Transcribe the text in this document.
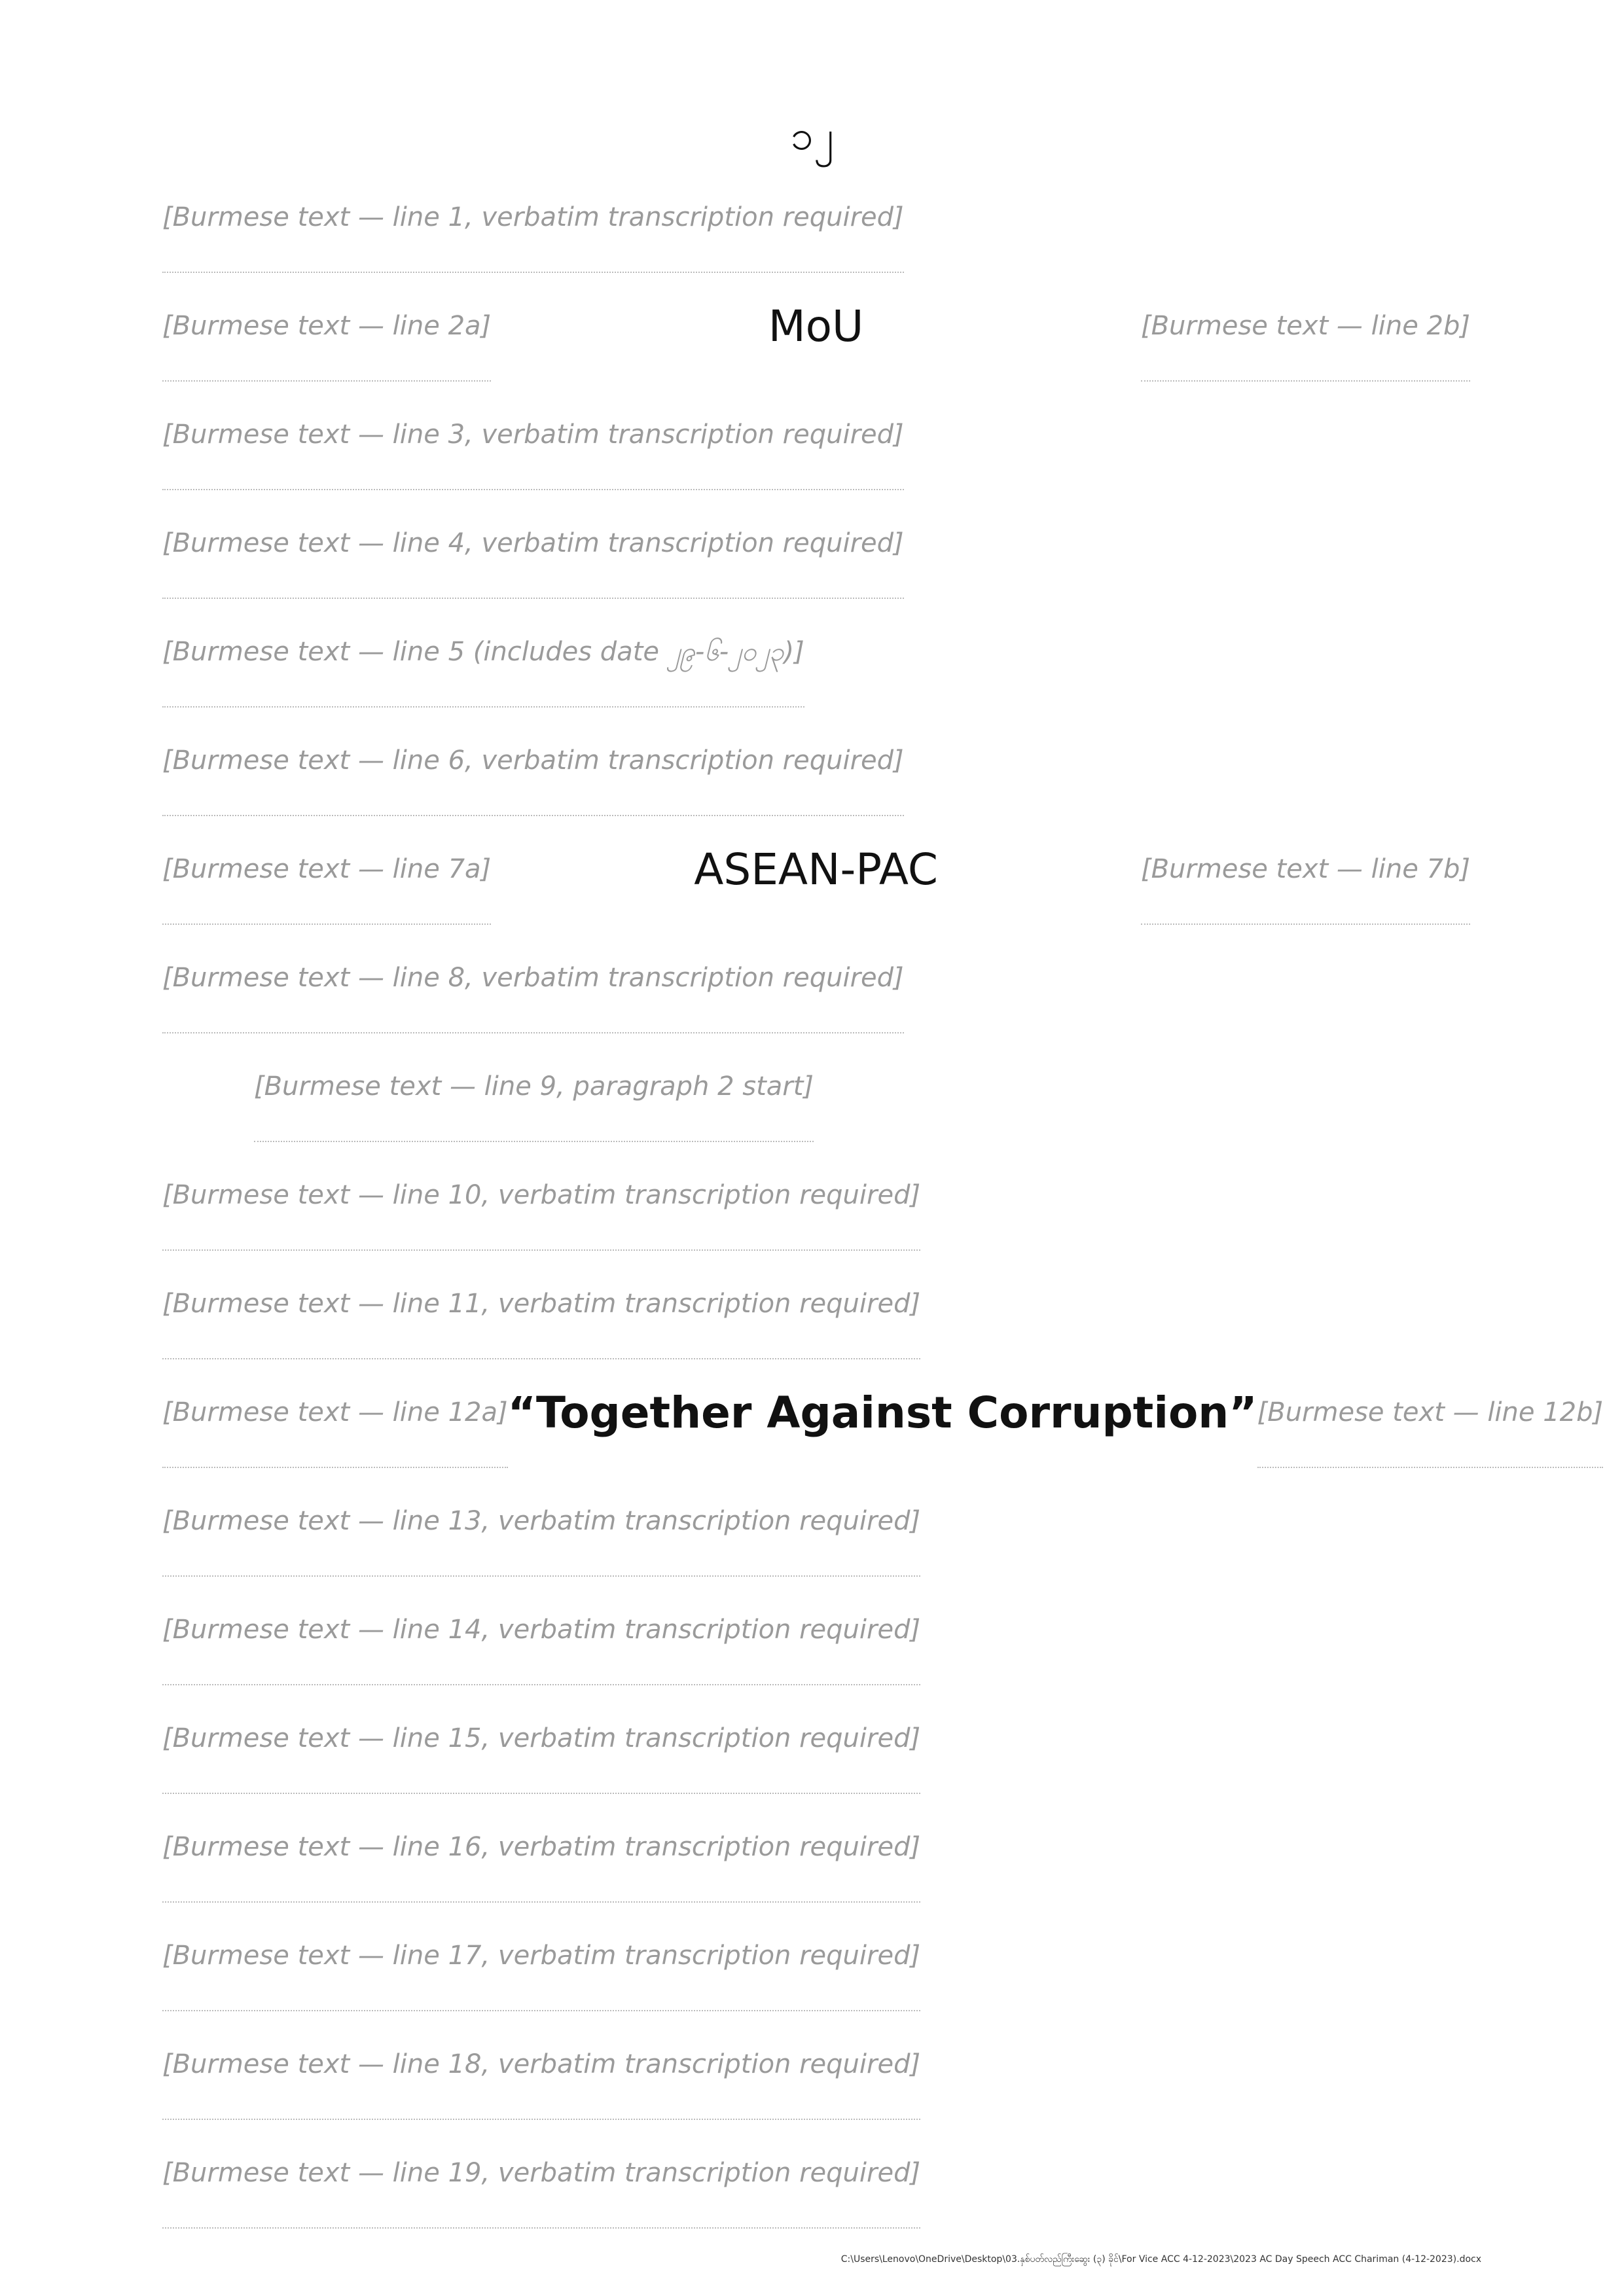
၁၂
[Burmese text — line 1, verbatim transcription required]
[Burmese text — line 2a]	MoU	[Burmese text — line 2b]
[Burmese text — line 3, verbatim transcription required]
[Burmese text — line 4, verbatim transcription required]
[Burmese text — line 5 (includes date ၂၉-၆-၂၀၂၃)]
[Burmese text — line 6, verbatim transcription required]
[Burmese text — line 7a]	ASEAN-PAC	[Burmese text — line 7b]
[Burmese text — line 8, verbatim transcription required]
[Burmese text — line 9, paragraph 2 start]
[Burmese text — line 10, verbatim transcription required]
[Burmese text — line 11, verbatim transcription required]
[Burmese text — line 12a] “Together Against Corruption” [Burmese text — line 12b]
[Burmese text — line 13, verbatim transcription required]
[Burmese text — line 14, verbatim transcription required]
[Burmese text — line 15, verbatim transcription required]
[Burmese text — line 16, verbatim transcription required]
[Burmese text — line 17, verbatim transcription required]
[Burmese text — line 18, verbatim transcription required]
[Burmese text — line 19, verbatim transcription required]
C:\Users\Lenovo\OneDrive\Desktop\03.နှစ်ပတ်လည်ကြီးဆွေး (၃) ခိုင်\For Vice ACC 4-12-2023\2023 AC Day Speech ACC Chariman (4-12-2023).docx
